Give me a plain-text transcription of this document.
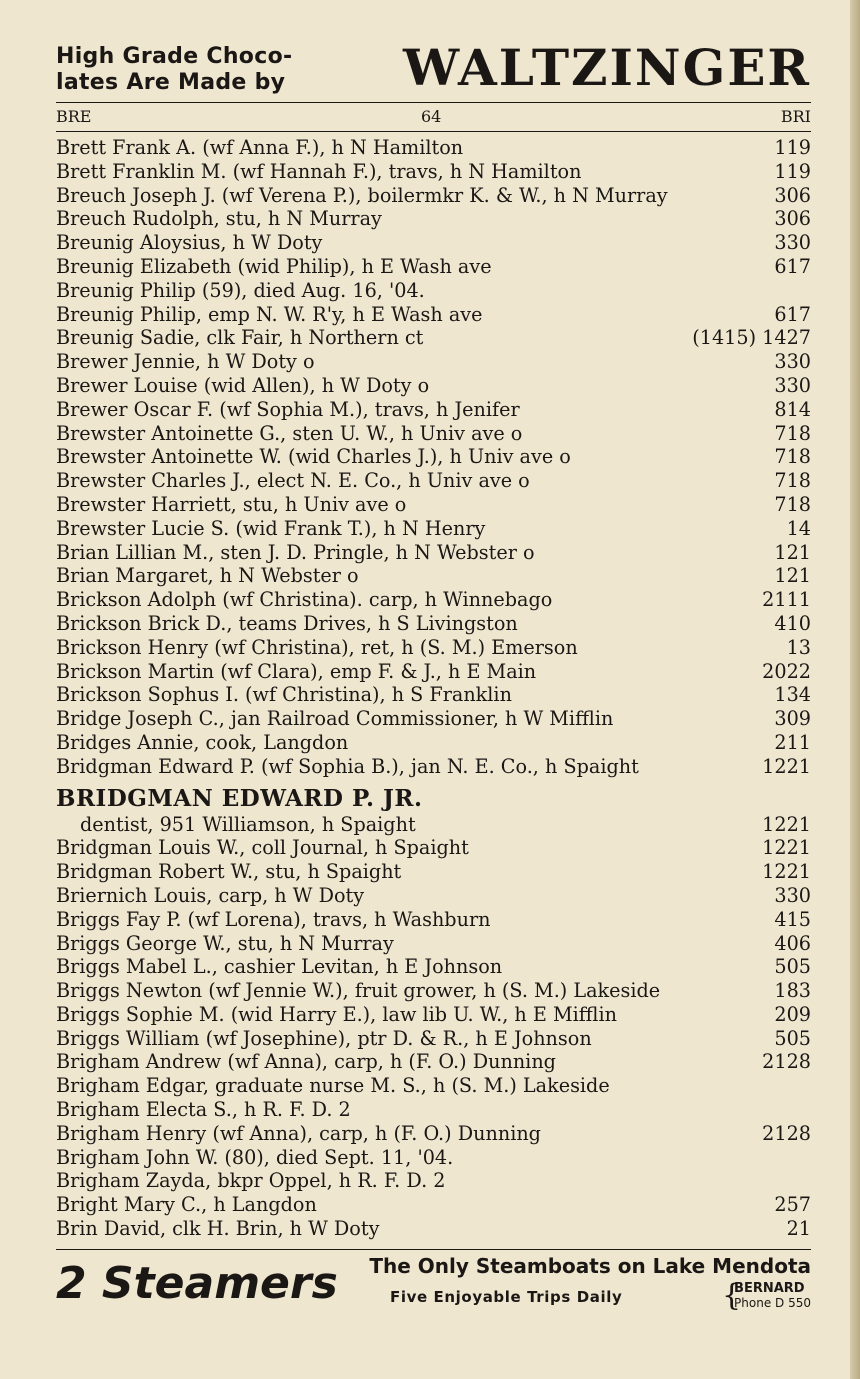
High Grade Choco-
lates Are Made by WALTZINGER
BRE	64	BRI
Brett Frank A. (wf Anna F.), h N Hamilton	119
Brett Franklin M. (wf Hannah F.), travs, h N Hamilton	119
Breuch Joseph J. (wf Verena P.), boilermkr K. & W., h N Murray	306
Breuch Rudolph, stu, h N Murray	306
Breunig Aloysius, h W Doty	330
Breunig Elizabeth (wid Philip), h E Wash ave	617
Breunig Philip (59), died Aug. 16, '04.
Breunig Philip, emp N. W. R'y, h E Wash ave	617
Breunig Sadie, clk Fair, h Northern ct	(1415) 1427
Brewer Jennie, h W Doty o	330
Brewer Louise (wid Allen), h W Doty o	330
Brewer Oscar F. (wf Sophia M.), travs, h Jenifer	814
Brewster Antoinette G., sten U. W., h Univ ave o	718
Brewster Antoinette W. (wid Charles J.), h Univ ave o	718
Brewster Charles J., elect N. E. Co., h Univ ave o	718
Brewster Harriett, stu, h Univ ave o	718
Brewster Lucie S. (wid Frank T.), h N Henry	14
Brian Lillian M., sten J. D. Pringle, h N Webster o	121
Brian Margaret, h N Webster o	121
Brickson Adolph (wf Christina). carp, h Winnebago	2111
Brickson Brick D., teams Drives, h S Livingston	410
Brickson Henry (wf Christina), ret, h (S. M.) Emerson	13
Brickson Martin (wf Clara), emp F. & J., h E Main	2022
Brickson Sophus I. (wf Christina), h S Franklin	134
Bridge Joseph C., jan Railroad Commissioner, h W Mifflin	309
Bridges Annie, cook, Langdon	211
Bridgman Edward P. (wf Sophia B.), jan N. E. Co., h Spaight	1221
BRIDGMAN EDWARD P. JR.
dentist, 951 Williamson, h Spaight	1221
Bridgman Louis W., coll Journal, h Spaight	1221
Bridgman Robert W., stu, h Spaight	1221
Briernich Louis, carp, h W Doty	330
Briggs Fay P. (wf Lorena), travs, h Washburn	415
Briggs George W., stu, h N Murray	406
Briggs Mabel L., cashier Levitan, h E Johnson	505
Briggs Newton (wf Jennie W.), fruit grower, h (S. M.) Lakeside	183
Briggs Sophie M. (wid Harry E.), law lib U. W., h E Mifflin	209
Briggs William (wf Josephine), ptr D. & R., h E Johnson	505
Brigham Andrew (wf Anna), carp, h (F. O.) Dunning	2128
Brigham Edgar, graduate nurse M. S., h (S. M.) Lakeside
Brigham Electa S., h R. F. D. 2
Brigham Henry (wf Anna), carp, h (F. O.) Dunning	2128
Brigham John W. (80), died Sept. 11, '04.
Brigham Zayda, bkpr Oppel, h R. F. D. 2
Bright Mary C., h Langdon	257
Brin David, clk H. Brin, h W Doty	21
2 Steamers The Only Steamboats on Lake Mendota
Five Enjoyable Trips Daily	{
BERNARD
Phone D 550
